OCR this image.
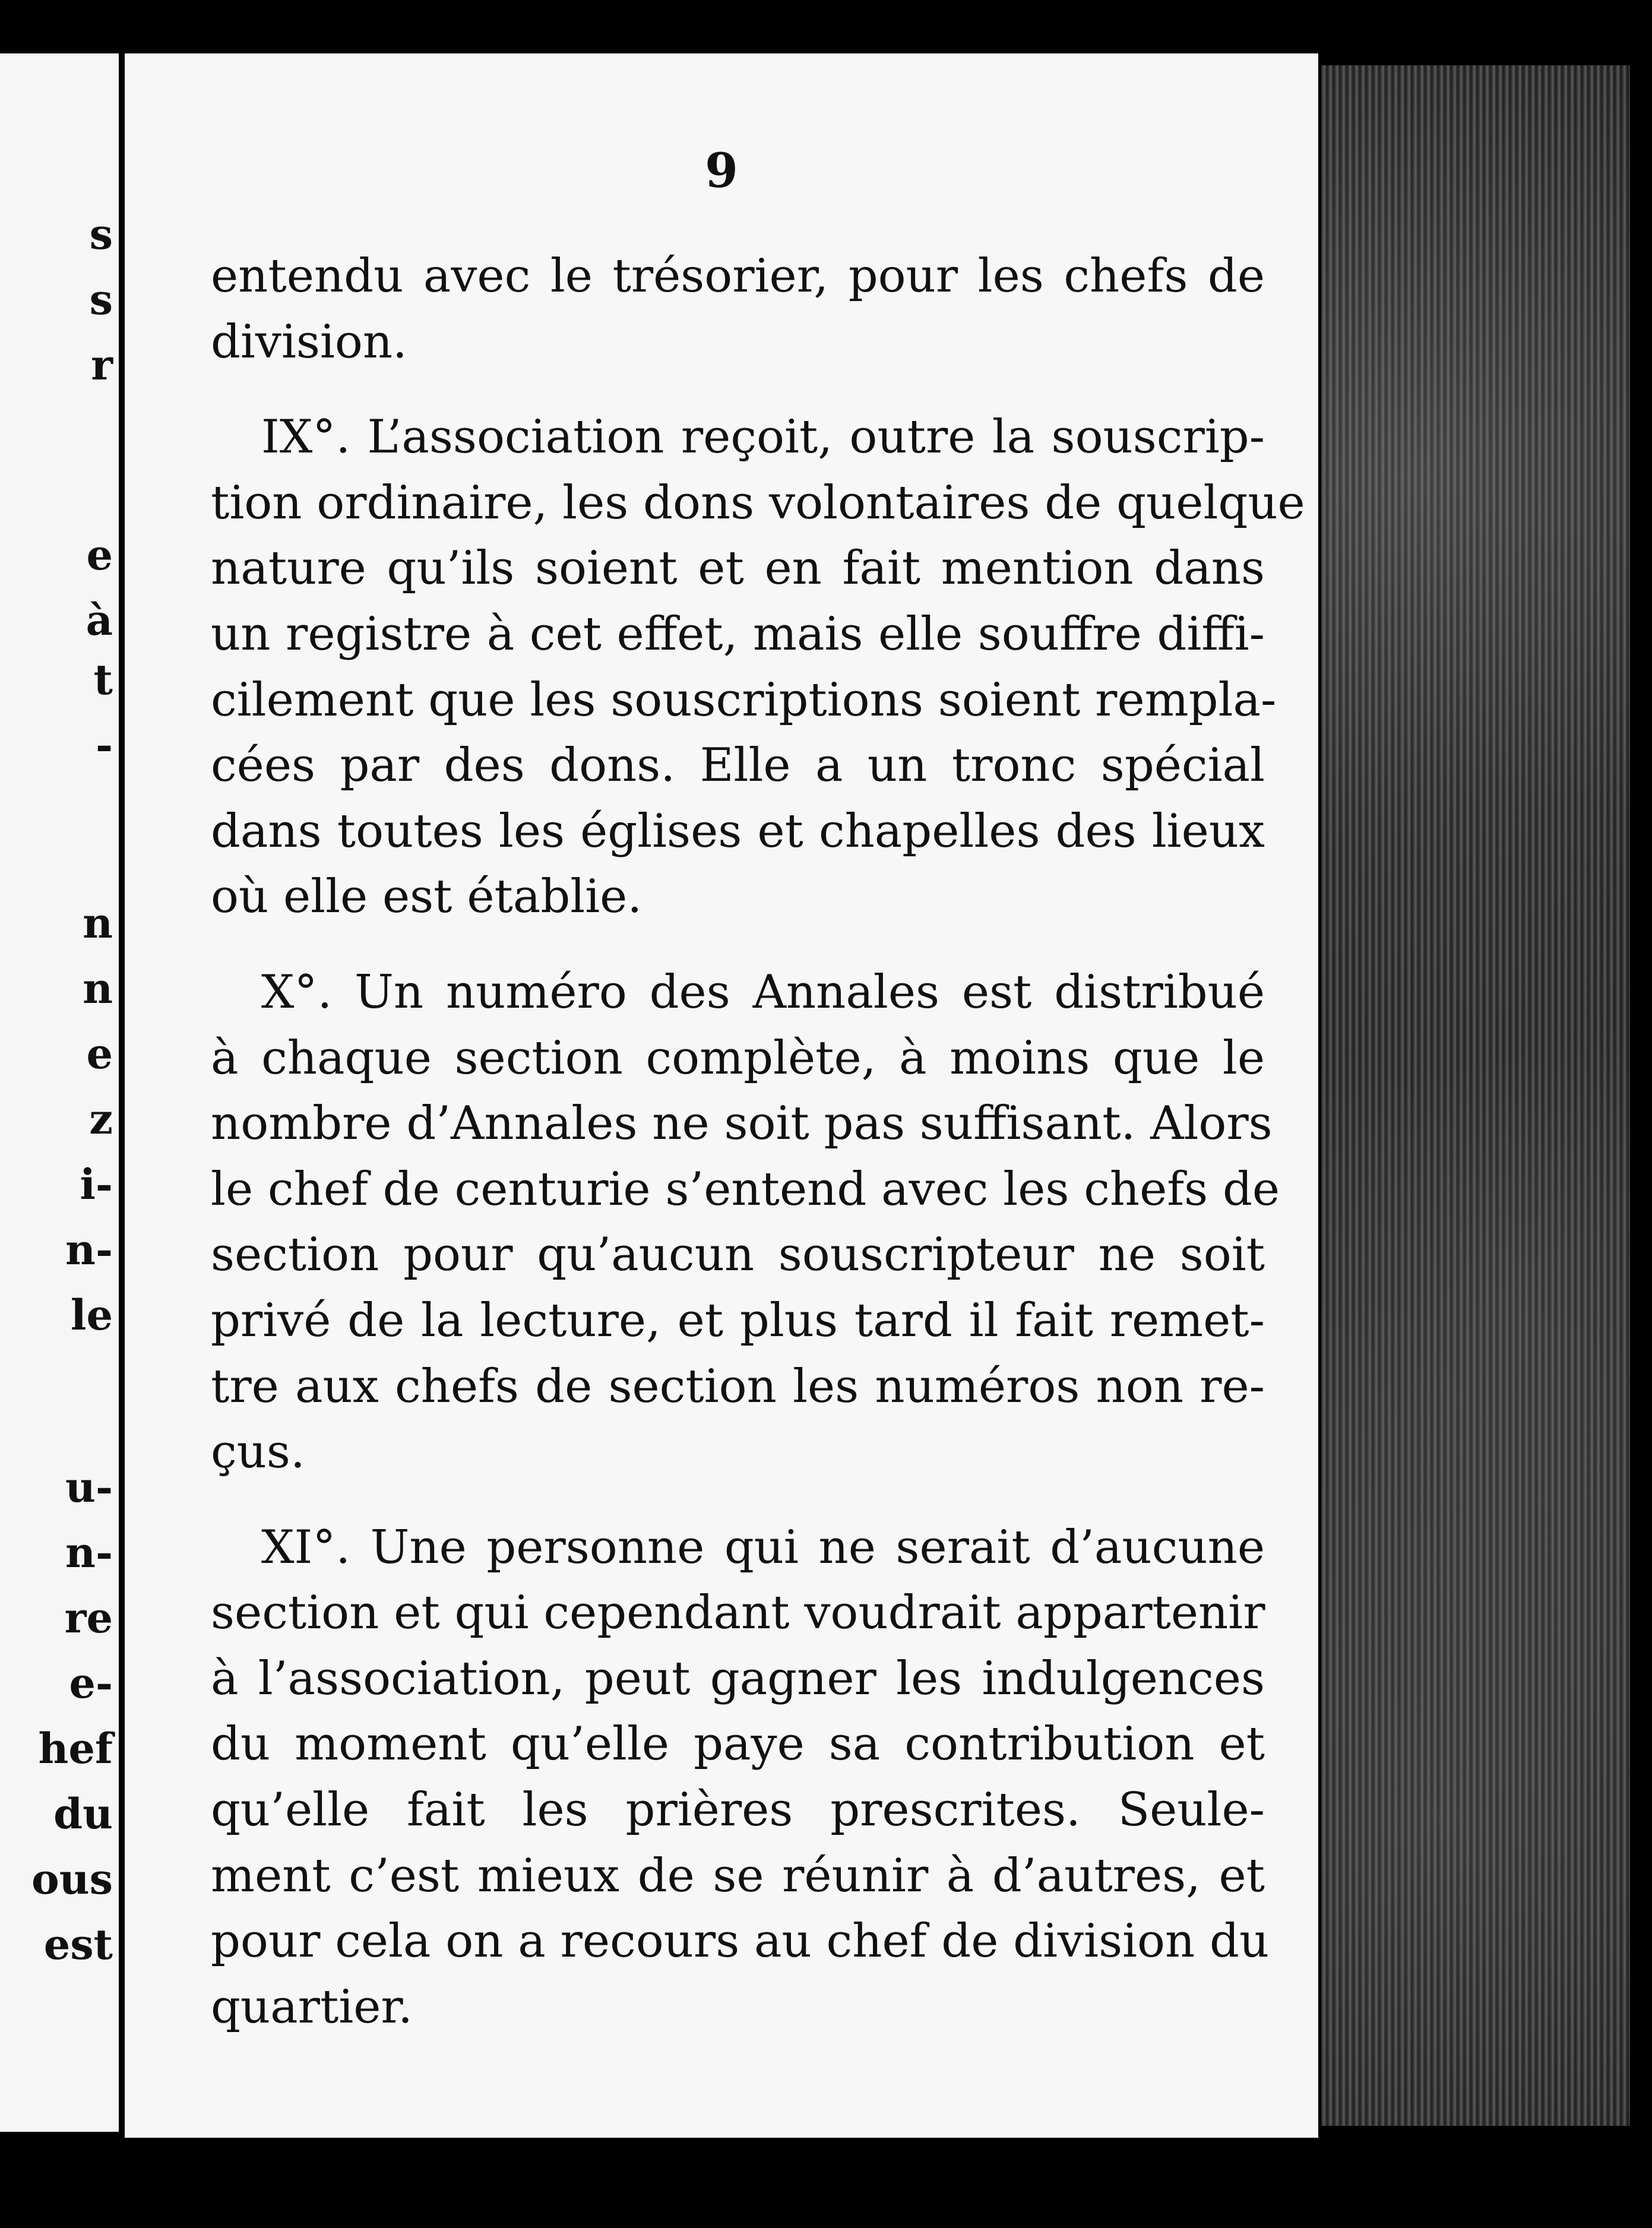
s
s
r
e
à
t
-
n
n
e
z
i-
n-
le
u-
n-
re
e-
hef
du
ous
est
9
entendu avec le trésorier, pour les chefs de
division.
IX°. L’association reçoit, outre la souscrip-
tion ordinaire, les dons volontaires de quelque
nature qu’ils soient et en fait mention dans
un registre à cet effet, mais elle souffre diffi-
cilement que les souscriptions soient rempla-
cées par des dons. Elle a un tronc spécial
dans toutes les églises et chapelles des lieux
où elle est établie.
X°. Un numéro des Annales est distribué
à chaque section complète, à moins que le
nombre d’Annales ne soit pas suffisant. Alors
le chef de centurie s’entend avec les chefs de
section pour qu’aucun souscripteur ne soit
privé de la lecture, et plus tard il fait remet-
tre aux chefs de section les numéros non re-
çus.
XI°. Une personne qui ne serait d’aucune
section et qui cependant voudrait appartenir
à l’association, peut gagner les indulgences
du moment qu’elle paye sa contribution et
qu’elle fait les prières prescrites. Seule-
ment c’est mieux de se réunir à d’autres, et
pour cela on a recours au chef de division du
quartier.
